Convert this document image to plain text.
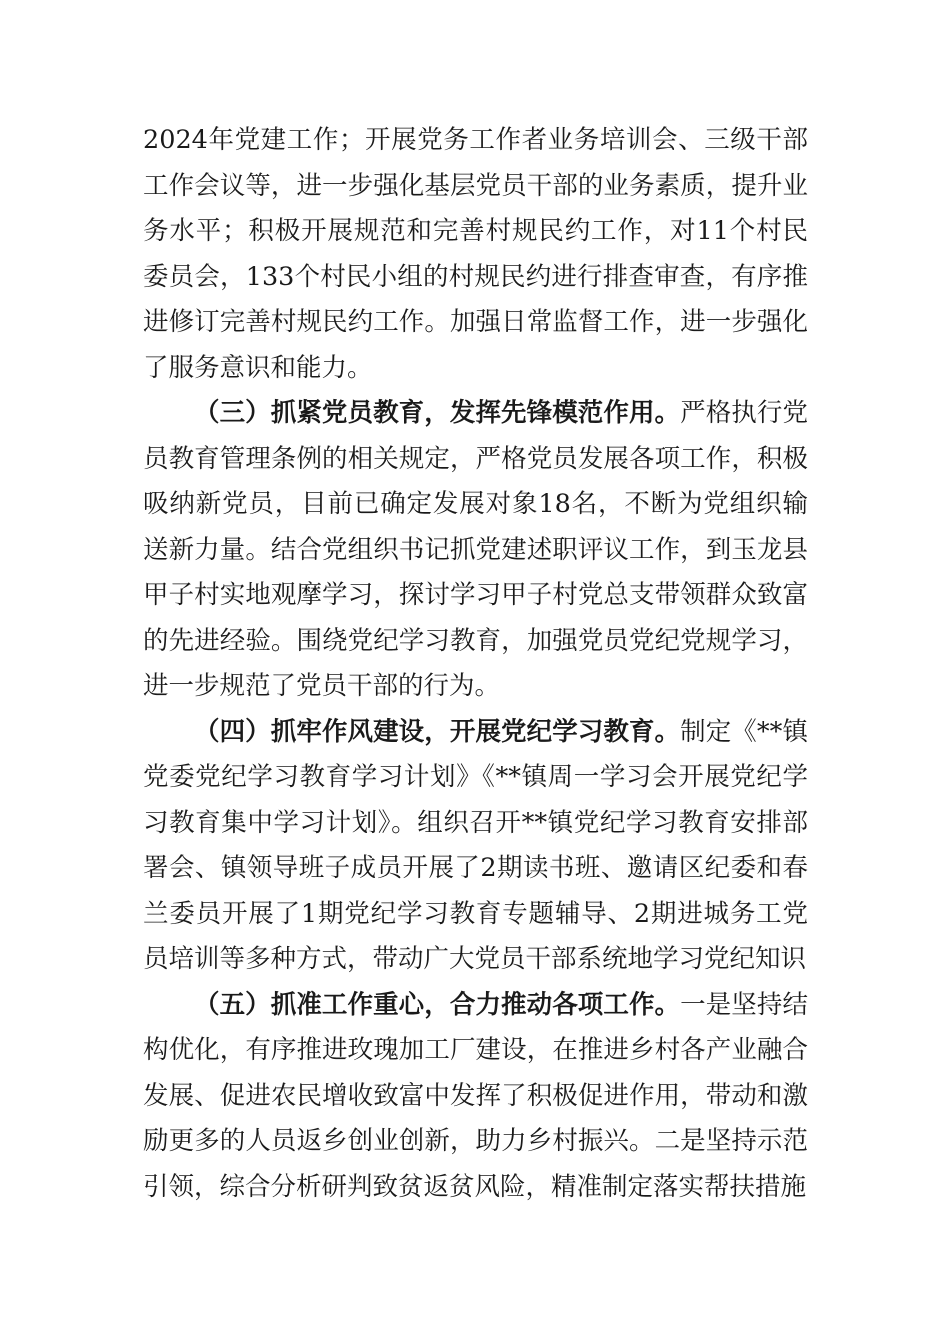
2024年党建工作；开展党务工作者业务培训会、三级干部工作会议等，进一步强化基层党员干部的业务素质，提升业务水平；积极开展规范和完善村规民约工作，对11个村民委员会，133个村民小组的村规民约进行排查审查，有序推进修订完善村规民约工作。加强日常监督工作，进一步强化了服务意识和能力。

（三）抓紧党员教育，发挥先锋模范作用。严格执行党员教育管理条例的相关规定，严格党员发展各项工作，积极吸纳新党员，目前已确定发展对象18名，不断为党组织输送新力量。结合党组织书记抓党建述职评议工作，到玉龙县甲子村实地观摩学习，探讨学习甲子村党总支带领群众致富的先进经验。围绕党纪学习教育，加强党员党纪党规学习，进一步规范了党员干部的行为。

（四）抓牢作风建设，开展党纪学习教育。制定《**镇党委党纪学习教育学习计划》《**镇周一学习会开展党纪学习教育集中学习计划》。组织召开**镇党纪学习教育安排部署会、镇领导班子成员开展了2期读书班、邀请区纪委和春兰委员开展了1期党纪学习教育专题辅导、2期进城务工党员培训等多种方式，带动广大党员干部系统地学习党纪知识

（五）抓准工作重心，合力推动各项工作。一是坚持结构优化，有序推进玫瑰加工厂建设，在推进乡村各产业融合发展、促进农民增收致富中发挥了积极促进作用，带动和激励更多的人员返乡创业创新，助力乡村振兴。二是坚持示范引领，综合分析研判致贫返贫风险，精准制定落实帮扶措施
